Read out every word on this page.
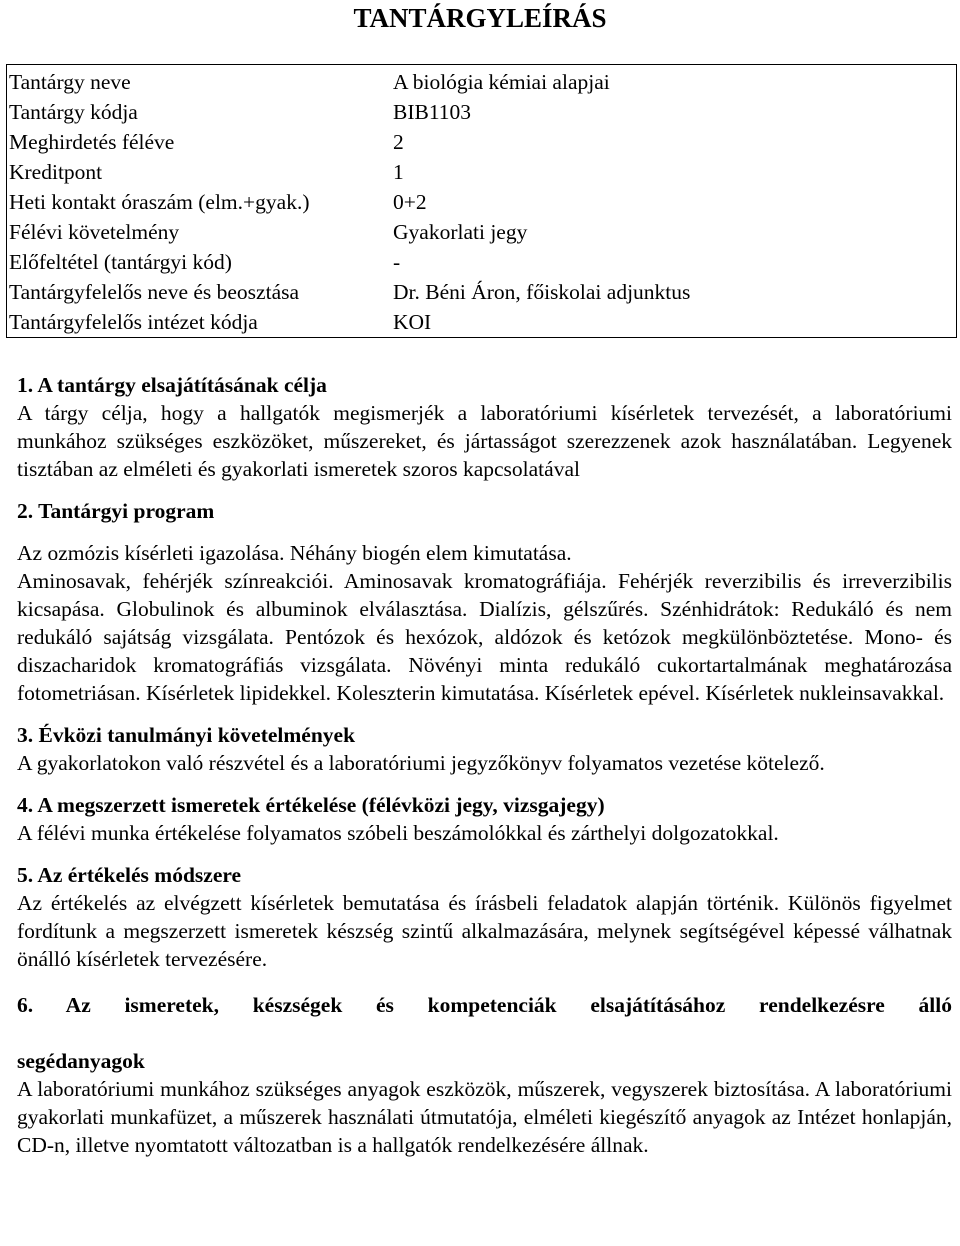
TANTÁRGYLEÍRÁS
Tantárgy neve	A biológia kémiai alapjai
Tantárgy kódja	BIB1103
Meghirdetés féléve	2
Kreditpont	1
Heti kontakt óraszám (elm.+gyak.)	0+2
Félévi követelmény	Gyakorlati jegy
Előfeltétel (tantárgyi kód)	-
Tantárgyfelelős neve és beosztása	Dr. Béni Áron, főiskolai adjunktus
Tantárgyfelelős intézet kódja	KOI

1. A tantárgy elsajátításának célja

A tárgy célja, hogy a hallgatók megismerjék a laboratóriumi kísérletek tervezését, a laboratóriumi munkához szükséges eszközöket, műszereket, és jártasságot szerezzenek azok használatában. Legyenek tisztában az elméleti és gyakorlati ismeretek szoros kapcsolatával

2. Tantárgyi program

Az ozmózis kísérleti igazolása. Néhány biogén elem kimutatása.

Aminosavak, fehérjék színreakciói. Aminosavak kromatográfiája. Fehérjék reverzibilis és irreverzibilis kicsapása. Globulinok és albuminok elválasztása. Dialízis, gélszűrés. Szénhidrátok: Redukáló és nem redukáló sajátság vizsgálata. Pentózok és hexózok, aldózok és ketózok megkülönböztetése. Mono- és diszacharidok kromatográfiás vizsgálata. Növényi minta redukáló cukortartalmának meghatározása fotometriásan. Kísérletek lipidekkel. Koleszterin kimutatása. Kísérletek epével. Kísérletek nukleinsavakkal.

3. Évközi tanulmányi követelmények

A gyakorlatokon való részvétel és a laboratóriumi jegyzőkönyv folyamatos vezetése kötelező.

4. A megszerzett ismeretek értékelése (félévközi jegy, vizsgajegy)

A félévi munka értékelése folyamatos szóbeli beszámolókkal és zárthelyi dolgozatokkal.

5. Az értékelés módszere

Az értékelés az elvégzett kísérletek bemutatása és írásbeli feladatok alapján történik. Különös figyelmet fordítunk a megszerzett ismeretek készség szintű alkalmazására, melynek segítségével képessé válhatnak önálló kísérletek tervezésére.

6. Az ismeretek, készségek és kompetenciák elsajátításához rendelkezésre álló

segédanyagok

A laboratóriumi munkához szükséges anyagok eszközök, műszerek, vegyszerek biztosítása. A laboratóriumi gyakorlati munkafüzet, a műszerek használati útmutatója, elméleti kiegészítő anyagok az Intézet honlapján, CD-n, illetve nyomtatott változatban is a hallgatók rendelkezésére állnak.
